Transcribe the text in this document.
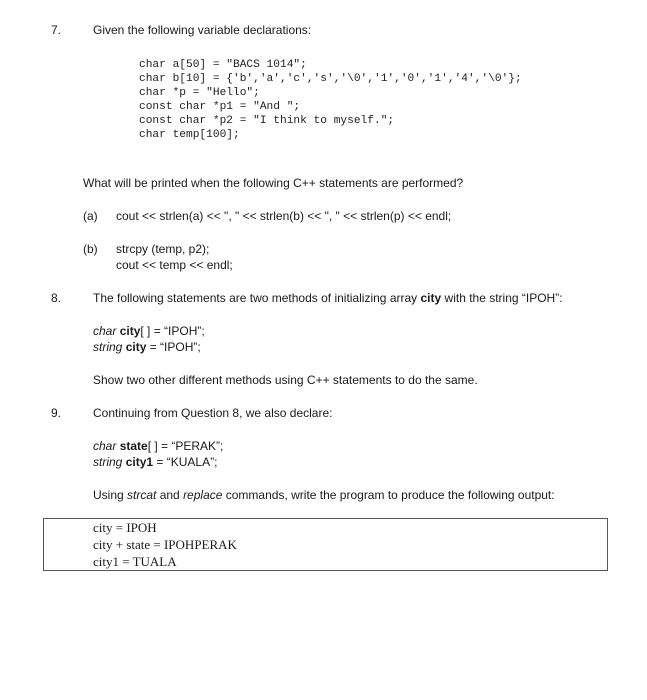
7.	Given the following variable declarations:
char a[50] = "BACS 1014";
char b[10] = {'b','a','c','s','\0','1','0','1','4','\0'};
char *p = "Hello";
const char *p1 = "And ";
const char *p2 = "I think to myself.";
char temp[100];
What will be printed when the following C++ statements are performed?
(a) cout << strlen(a) << ", " << strlen(b) << ", " << strlen(p) << endl;
(b) strcpy (temp, p2);
cout << temp << endl;
8.	The following statements are two methods of initializing array city with the string “IPOH”:
char city[ ] = “IPOH”;
string city = “IPOH”;
Show two other different methods using C++ statements to do the same.
9.	Continuing from Question 8, we also declare:
char state[ ] = “PERAK”;
string city1 = “KUALA”;
Using strcat and replace commands, write the program to produce the following output:
city = IPOH
city + state = IPOHPERAK
city1 = TUALA
